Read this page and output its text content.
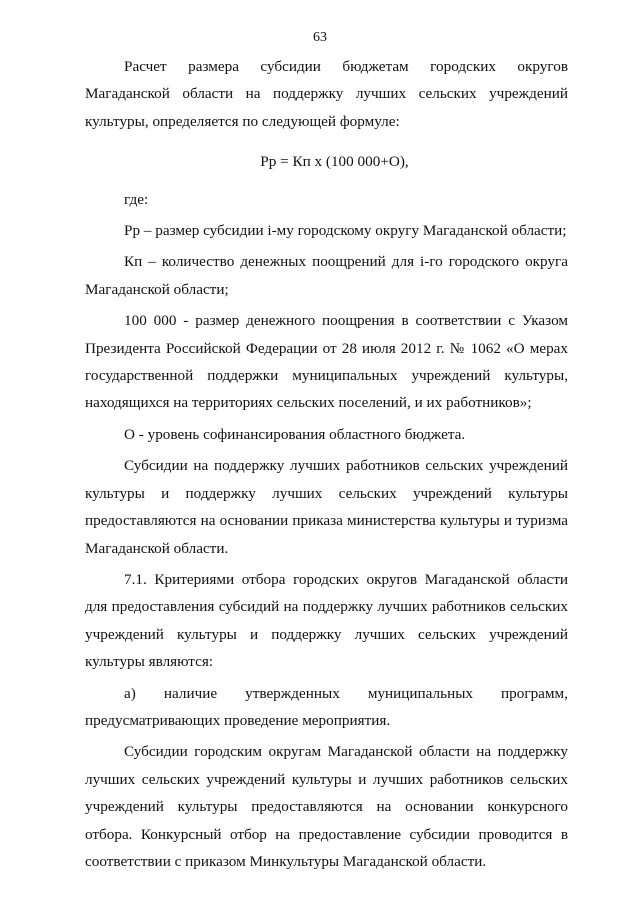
63

Расчет размера субсидии бюджетам городских округов Магаданской области на поддержку лучших сельских учреждений культуры, определяется по следующей формуле:

Pp = Кп х (100 000+О),

где:

Pp – размер субсидии i-му городскому округу Магаданской области;

Кп – количество денежных поощрений для i-го городского округа Магаданской области;

100 000 - размер денежного поощрения в соответствии с Указом Президента Российской Федерации от 28 июля 2012 г. № 1062 «О мерах государственной поддержки муниципальных учреждений культуры, находящихся на территориях сельских поселений, и их работников»;

О - уровень софинансирования областного бюджета.

Субсидии на поддержку лучших работников сельских учреждений культуры и поддержку лучших сельских учреждений культуры предоставляются на основании приказа министерства культуры и туризма Магаданской области.

7.1. Критериями отбора городских округов Магаданской области для предоставления субсидий на поддержку лучших работников сельских учреждений культуры и поддержку лучших сельских учреждений культуры являются:

а) наличие утвержденных муниципальных программ,

предусматривающих проведение мероприятия.

Субсидии городским округам Магаданской области на поддержку лучших сельских учреждений культуры и лучших работников сельских учреждений культуры предоставляются на основании конкурсного отбора. Конкурсный отбор на предоставление субсидии проводится в соответствии с приказом Минкультуры Магаданской области.
